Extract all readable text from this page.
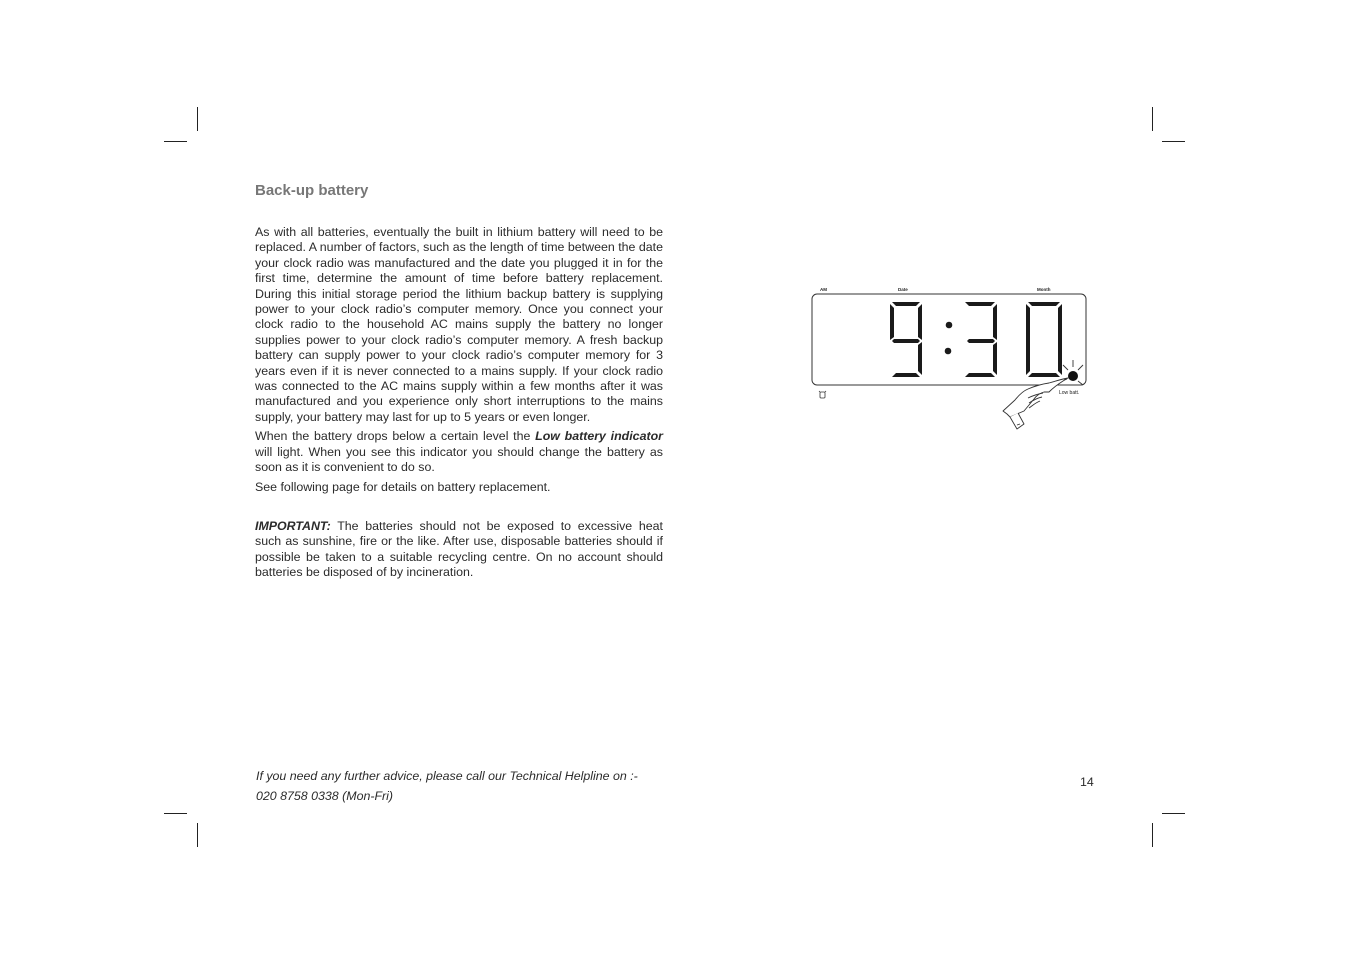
Back-up battery

As with all batteries, eventually the built in lithium battery will need to be replaced. A number of factors, such as the length of time between the date your clock radio was manufactured and the date you plugged it in for the first time, determine the amount of time before battery replacement. During this initial storage period the lithium backup battery is supplying power to your clock radio’s computer memory. Once you connect your clock radio to the household AC mains supply the battery no longer supplies power to your clock radio’s computer memory. A fresh backup battery can supply power to your clock radio’s computer memory for 3 years even if it is never connected to a mains supply. If your clock radio was connected to the AC mains supply within a few months after it was manufactured and you experience only short interruptions to the mains supply, your battery may last for up to 5 years or even longer.

When the battery drops below a certain level the Low battery indicator will light. When you see this indicator you should change the battery as soon as it is convenient to do so.

See following page for details on battery replacement.

IMPORTANT: The batteries should not be exposed to excessive heat such as sunshine, fire or the like. After use, disposable batteries should if possible be taken to a suitable recycling centre. On no account should batteries be disposed of by incineration.

If you need any further advice, please call our Technical Helpline on :-
020 8758 0338 (Mon-Fri)
14
AM	Date	Month
Low batt.
